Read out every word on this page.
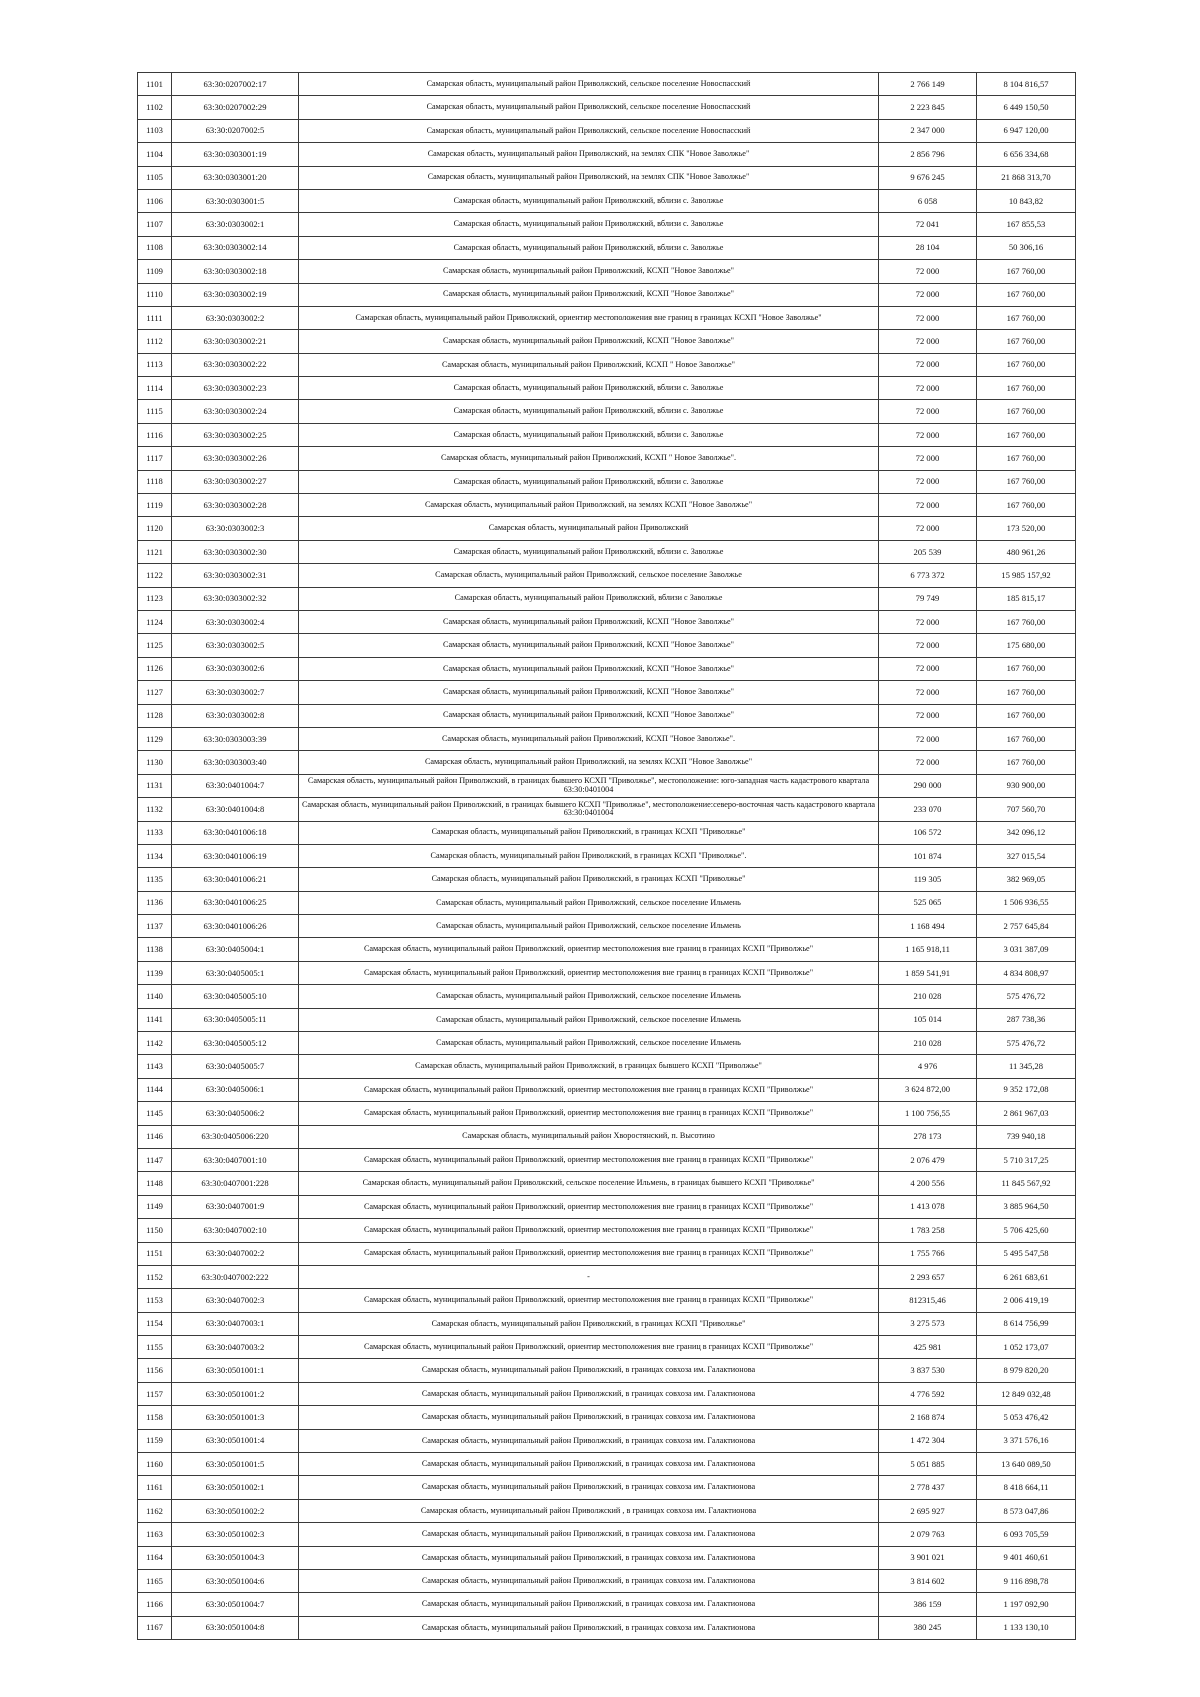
1101	63:30:0207002:17	Самарская область, муниципальный район Приволжский, сельское поселение Новоспасский	2 766 149	8 104 816,57
1102	63:30:0207002:29	Самарская область, муниципальный район Приволжский, сельское поселение Новоспасский	2 223 845	6 449 150,50
1103	63:30:0207002:5	Самарская область, муниципальный район Приволжский, сельское поселение Новоспасский	2 347 000	6 947 120,00
1104	63:30:0303001:19	Самарская область, муниципальный район Приволжский, на землях СПК "Новое Заволжье"	2 856 796	6 656 334,68
1105	63:30:0303001:20	Самарская область, муниципальный район Приволжский, на землях СПК "Новое Заволжье"	9 676 245	21 868 313,70
1106	63:30:0303001:5	Самарская область, муниципальный район Приволжский, вблизи с. Заволжье	6 058	10 843,82
1107	63:30:0303002:1	Самарская область, муниципальный район Приволжский, вблизи с. Заволжье	72 041	167 855,53
1108	63:30:0303002:14	Самарская область, муниципальный район Приволжский, вблизи с. Заволжье	28 104	50 306,16
1109	63:30:0303002:18	Самарская область, муниципальный район Приволжский, КСХП "Новое Заволжье"	72 000	167 760,00
1110	63:30:0303002:19	Самарская область, муниципальный район Приволжский, КСХП "Новое Заволжье"	72 000	167 760,00
1111	63:30:0303002:2	Самарская область, муниципальный район Приволжский, ориентир местоположения вне границ в границах КСХП "Новое Заволжье"	72 000	167 760,00
1112	63:30:0303002:21	Самарская область, муниципальный район Приволжский, КСХП "Новое Заволжье"	72 000	167 760,00
1113	63:30:0303002:22	Самарская область, муниципальный район Приволжский, КСХП " Новое Заволжье"	72 000	167 760,00
1114	63:30:0303002:23	Самарская область, муниципальный район Приволжский, вблизи с. Заволжье	72 000	167 760,00
1115	63:30:0303002:24	Самарская область, муниципальный район Приволжский, вблизи с. Заволжье	72 000	167 760,00
1116	63:30:0303002:25	Самарская область, муниципальный район Приволжский, вблизи с. Заволжье	72 000	167 760,00
1117	63:30:0303002:26	Самарская область, муниципальный район Приволжский, КСХП " Новое Заволжье".	72 000	167 760,00
1118	63:30:0303002:27	Самарская область, муниципальный район Приволжский, вблизи с. Заволжье	72 000	167 760,00
1119	63:30:0303002:28	Самарская область, муниципальный район Приволжский, на землях КСХП "Новое Заволжье"	72 000	167 760,00
1120	63:30:0303002:3	Самарская область, муниципальный район Приволжский	72 000	173 520,00
1121	63:30:0303002:30	Самарская область, муниципальный район Приволжский, вблизи с. Заволжье	205 539	480 961,26
1122	63:30:0303002:31	Самарская область, муниципальный район Приволжский, сельское поселение Заволжье	6 773 372	15 985 157,92
1123	63:30:0303002:32	Самарская область, муниципальный район Приволжский, вблизи с Заволжье	79 749	185 815,17
1124	63:30:0303002:4	Самарская область, муниципальный район Приволжский, КСХП "Новое Заволжье"	72 000	167 760,00
1125	63:30:0303002:5	Самарская область, муниципальный район Приволжский, КСХП "Новое Заволжье"	72 000	175 680,00
1126	63:30:0303002:6	Самарская область, муниципальный район Приволжский, КСХП "Новое Заволжье"	72 000	167 760,00
1127	63:30:0303002:7	Самарская область, муниципальный район Приволжский, КСХП "Новое Заволжье"	72 000	167 760,00
1128	63:30:0303002:8	Самарская область, муниципальный район Приволжский, КСХП "Новое Заволжье"	72 000	167 760,00
1129	63:30:0303003:39	Самарская область, муниципальный район Приволжский, КСХП "Новое Заволжье".	72 000	167 760,00
1130	63:30:0303003:40	Самарская область, муниципальный район Приволжский, на землях КСХП "Новое Заволжье"	72 000	167 760,00
1131	63:30:0401004:7	Самарская область, муниципальный район Приволжский, в границах бывшего КСХП "Приволжье", местоположение: юго-западная часть кадастрового квартала 63:30:0401004	290 000	930 900,00
1132	63:30:0401004:8	Самарская область, муниципальный район Приволжский, в границах бывшего КСХП "Приволжье", местоположение:северо-восточная часть кадастрового квартала 63:30:0401004	233 070	707 560,70
1133	63:30:0401006:18	Самарская область, муниципальный район Приволжский, в границах КСХП "Приволжье"	106 572	342 096,12
1134	63:30:0401006:19	Самарская область, муниципальный район Приволжский, в границах КСХП "Приволжье".	101 874	327 015,54
1135	63:30:0401006:21	Самарская область, муниципальный район Приволжский, в границах КСХП "Приволжье"	119 305	382 969,05
1136	63:30:0401006:25	Самарская область, муниципальный район Приволжский, сельское поселение Ильмень	525 065	1 506 936,55
1137	63:30:0401006:26	Самарская область, муниципальный район Приволжский, сельское поселение Ильмень	1 168 494	2 757 645,84
1138	63:30:0405004:1	Самарская область, муниципальный район Приволжский, ориентир местоположения вне границ в границах КСХП "Приволжье"	1 165 918,11	3 031 387,09
1139	63:30:0405005:1	Самарская область, муниципальный район Приволжский, ориентир местоположения вне границ в границах КСХП "Приволжье"	1 859 541,91	4 834 808,97
1140	63:30:0405005:10	Самарская область, муниципальный район Приволжский, сельское поселение Ильмень	210 028	575 476,72
1141	63:30:0405005:11	Самарская область, муниципальный район Приволжский, сельское поселение Ильмень	105 014	287 738,36
1142	63:30:0405005:12	Самарская область, муниципальный район Приволжский, сельское поселение Ильмень	210 028	575 476,72
1143	63:30:0405005:7	Самарская область, муниципальный район Приволжский, в границах бывшего КСХП "Приволжье"	4 976	11 345,28
1144	63:30:0405006:1	Самарская область, муниципальный район Приволжский, ориентир местоположения вне границ в границах КСХП "Приволжье"	3 624 872,00	9 352 172,08
1145	63:30:0405006:2	Самарская область, муниципальный район Приволжский, ориентир местоположения вне границ в границах КСХП "Приволжье"	1 100 756,55	2 861 967,03
1146	63:30:0405006:220	Самарская область, муниципальный район Хворостянский, п. Высотино	278 173	739 940,18
1147	63:30:0407001:10	Самарская область, муниципальный район Приволжский, ориентир местоположения вне границ в границах КСХП "Приволжье"	2 076 479	5 710 317,25
1148	63:30:0407001:228	Самарская область, муниципальный район Приволжский, сельское поселение Ильмень, в границах бывшего КСХП "Приволжье"	4 200 556	11 845 567,92
1149	63:30:0407001:9	Самарская область, муниципальный район Приволжский, ориентир местоположения вне границ в границах КСХП "Приволжье"	1 413 078	3 885 964,50
1150	63:30:0407002:10	Самарская область, муниципальный район Приволжский, ориентир местоположения вне границ в границах КСХП "Приволжье"	1 783 258	5 706 425,60
1151	63:30:0407002:2	Самарская область, муниципальный район Приволжский, ориентир местоположения вне границ в границах КСХП "Приволжье"	1 755 766	5 495 547,58
1152	63:30:0407002:222	-	2 293 657	6 261 683,61
1153	63:30:0407002:3	Самарская область, муниципальный район Приволжский, ориентир местоположения вне границ в границах КСХП "Приволжье"	812315,46	2 006 419,19
1154	63:30:0407003:1	Самарская область, муниципальный район Приволжский, в границах КСХП "Приволжье"	3 275 573	8 614 756,99
1155	63:30:0407003:2	Самарская область, муниципальный район Приволжский, ориентир местоположения вне границ в границах КСХП "Приволжье"	425 981	1 052 173,07
1156	63:30:0501001:1	Самарская область, муниципальный район Приволжский, в границах совхоза им. Галактионова	3 837 530	8 979 820,20
1157	63:30:0501001:2	Самарская область, муниципальный район Приволжский, в границах совхоза им. Галактионова	4 776 592	12 849 032,48
1158	63:30:0501001:3	Самарская область, муниципальный район Приволжский, в границах совхоза им. Галактионова	2 168 874	5 053 476,42
1159	63:30:0501001:4	Самарская область, муниципальный район Приволжский, в границах совхоза им. Галактионова	1 472 304	3 371 576,16
1160	63:30:0501001:5	Самарская область, муниципальный район Приволжский, в границах совхоза им. Галактионова	5 051 885	13 640 089,50
1161	63:30:0501002:1	Самарская область, муниципальный район Приволжский, в границах совхоза им. Галактионова	2 778 437	8 418 664,11
1162	63:30:0501002:2	Самарская область, муниципальный район Приволжский , в границах совхоза им. Галактионова	2 695 927	8 573 047,86
1163	63:30:0501002:3	Самарская область, муниципальный район Приволжский, в границах совхоза им. Галактионова	2 079 763	6 093 705,59
1164	63:30:0501004:3	Самарская область, муниципальный район Приволжский, в границах совхоза им. Галактионова	3 901 021	9 401 460,61
1165	63:30:0501004:6	Самарская область, муниципальный район Приволжский, в границах совхоза им. Галактионова	3 814 602	9 116 898,78
1166	63:30:0501004:7	Самарская область, муниципальный район Приволжский, в границах совхоза им. Галактионова	386 159	1 197 092,90
1167	63:30:0501004:8	Самарская область, муниципальный район Приволжский, в границах совхоза им. Галактионова	380 245	1 133 130,10
